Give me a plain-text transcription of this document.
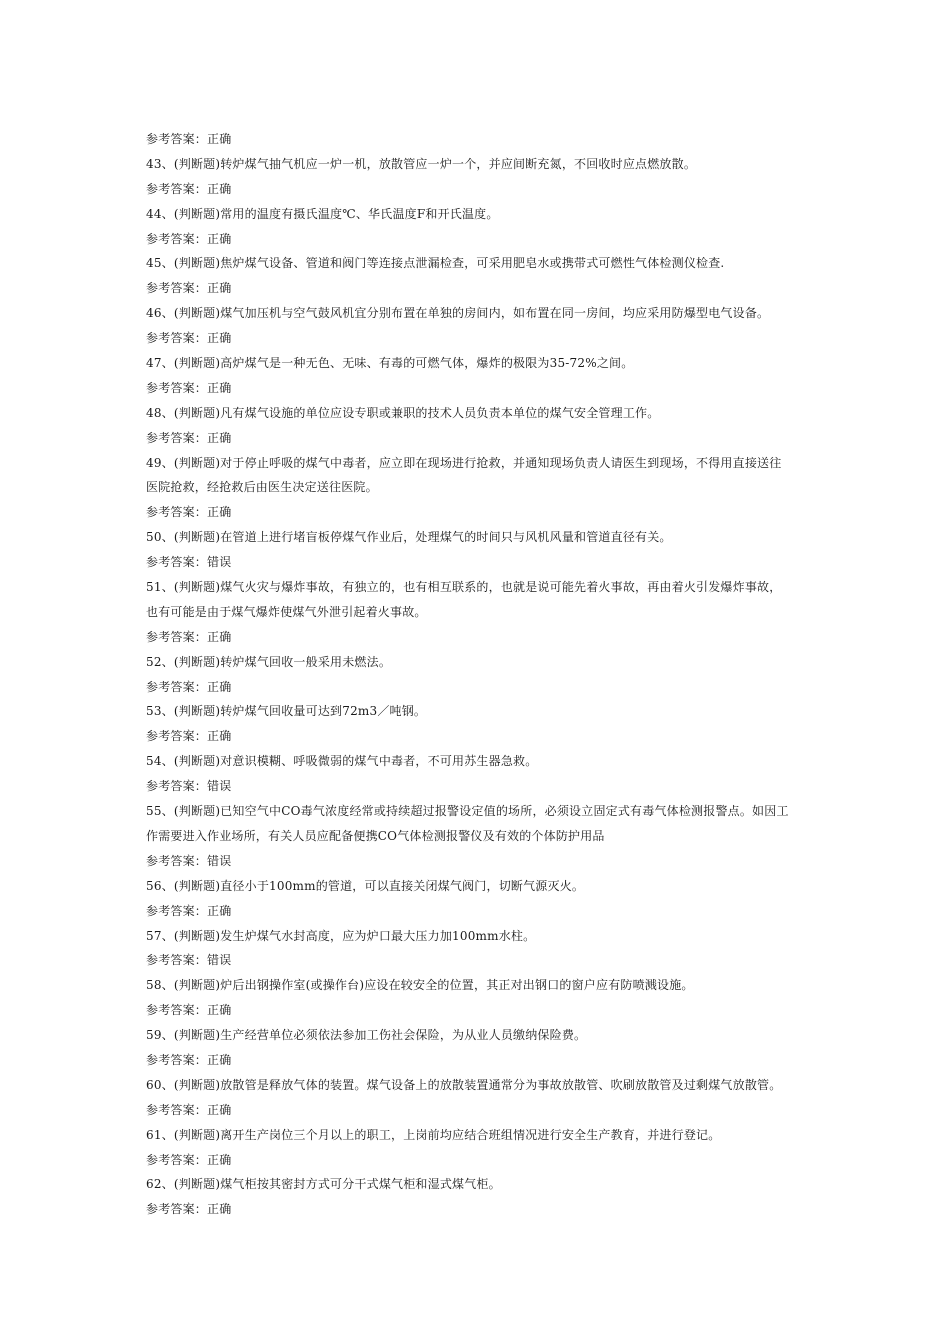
参考答案：正确
43、(判断题)转炉煤气抽气机应一炉一机，放散管应一炉一个，并应间断充氮，不回收时应点燃放散。
参考答案：正确
44、(判断题)常用的温度有摄氏温度℃、华氏温度F和开氏温度。
参考答案：正确
45、(判断题)焦炉煤气设备、管道和阀门等连接点泄漏检查，可采用肥皂水或携带式可燃性气体检测仪检查.
参考答案：正确
46、(判断题)煤气加压机与空气鼓风机宜分别布置在单独的房间内，如布置在同一房间，均应采用防爆型电气设备。
参考答案：正确
47、(判断题)高炉煤气是一种无色、无味、有毒的可燃气体，爆炸的极限为35-72%之间。
参考答案：正确
48、(判断题)凡有煤气设施的单位应设专职或兼职的技术人员负责本单位的煤气安全管理工作。
参考答案：正确
49、(判断题)对于停止呼吸的煤气中毒者，应立即在现场进行抢救，并通知现场负责人请医生到现场，不得用直接送往
医院抢救，经抢救后由医生决定送往医院。
参考答案：正确
50、(判断题)在管道上进行堵盲板停煤气作业后，处理煤气的时间只与风机风量和管道直径有关。
参考答案：错误
51、(判断题)煤气火灾与爆炸事故，有独立的，也有相互联系的，也就是说可能先着火事故，再由着火引发爆炸事故，
也有可能是由于煤气爆炸使煤气外泄引起着火事故。
参考答案：正确
52、(判断题)转炉煤气回收一般采用未燃法。
参考答案：正确
53、(判断题)转炉煤气回收量可达到72m3／吨钢。
参考答案：正确
54、(判断题)对意识模糊、呼吸微弱的煤气中毒者，不可用苏生器急救。
参考答案：错误
55、(判断题)已知空气中CO毒气浓度经常或持续超过报警设定值的场所，必须设立固定式有毒气体检测报警点。如因工
作需要进入作业场所，有关人员应配备便携CO气体检测报警仪及有效的个体防护用品
参考答案：错误
56、(判断题)直径小于100mm的管道，可以直接关闭煤气阀门，切断气源灭火。
参考答案：正确
57、(判断题)发生炉煤气水封高度，应为炉口最大压力加100mm水柱。
参考答案：错误
58、(判断题)炉后出钢操作室(或操作台)应设在较安全的位置，其正对出钢口的窗户应有防喷溅设施。
参考答案：正确
59、(判断题)生产经营单位必须依法参加工伤社会保险，为从业人员缴纳保险费。
参考答案：正确
60、(判断题)放散管是释放气体的装置。煤气设备上的放散装置通常分为事故放散管、吹刷放散管及过剩煤气放散管。
参考答案：正确
61、(判断题)离开生产岗位三个月以上的职工，上岗前均应结合班组情况进行安全生产教育，并进行登记。
参考答案：正确
62、(判断题)煤气柜按其密封方式可分干式煤气柜和湿式煤气柜。
参考答案：正确
